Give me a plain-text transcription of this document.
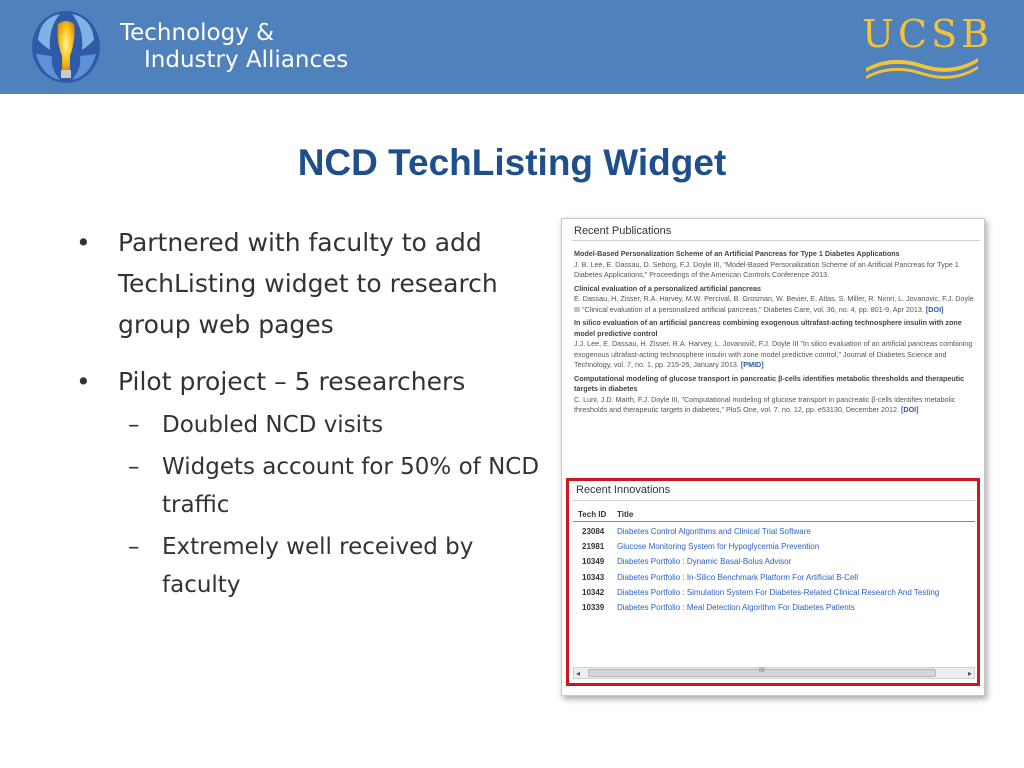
Technology &
Industry Alliances
UCSB
NCD TechListing Widget
• Partnered with faculty to add TechListing widget to research group web pages
• Pilot project – 5 researchers
– Doubled NCD visits
– Widgets account for 50% of NCD traffic
– Extremely well received by faculty
Recent Publications
Model-Based Personalization Scheme of an Artificial Pancreas for Type 1 Diabetes Applications
J. B. Lee, E. Dassau, D. Seborg, F.J. Doyle III, "Model-Based Personalization Scheme of an Artificial Pancreas for Type 1 Diabetes Applications," Proceedings of the American Controls Conference 2013.
Clinical evaluation of a personalized artificial pancreas
E. Dassau, H. Zisser, R.A. Harvey, M.W. Percival, B. Grosman, W. Bevier, E. Atlas, S. Miller, R. Nimri, L. Jovanovic, F.J. Doyle III "Clinical evaluation of a personalized artificial pancreas," Diabetes Care, vol. 36, no. 4, pp. 801-9, Apr 2013. [DOI]
In silico evaluation of an artificial pancreas combining exogenous ultrafast-acting technosphere insulin with zone model predictive control
J.J. Lee, E. Dassau, H. Zisser, R.A. Harvey, L. Jovanovič, F.J. Doyle III "In silico evaluation of an artificial pancreas combining exogenous ultrafast-acting technosphere insulin with zone model predictive control," Journal of Diabetes Science and Technology, vol. 7, no. 1, pp. 215-26, January 2013. [PMID]
Computational modeling of glucose transport in pancreatic β-cells identifies metabolic thresholds and therapeutic targets in diabetes
C. Luni, J.D. Marth, F.J. Doyle III, "Computational modeling of glucose transport in pancreatic β-cells identifies metabolic thresholds and therapeutic targets in diabetes," PloS One, vol. 7, no. 12, pp. e53130, December 2012. [DOI]
Recent Innovations
Tech ID Title
23084 Diabetes Control Algorithms and Clinical Trial Software
21981 Glucose Monitoring System for Hypoglycemia Prevention
10349 Diabetes Portfolio : Dynamic Basal-Bolus Advisor
10343 Diabetes Portfolio : In-Silico Benchmark Platform For Artificial B-Cell
10342 Diabetes Portfolio : Simulation System For Diabetes-Related Clinical Research And Testing
10339 Diabetes Portfolio : Meal Detection Algorithm For Diabetes Patients
◂	III	▸
